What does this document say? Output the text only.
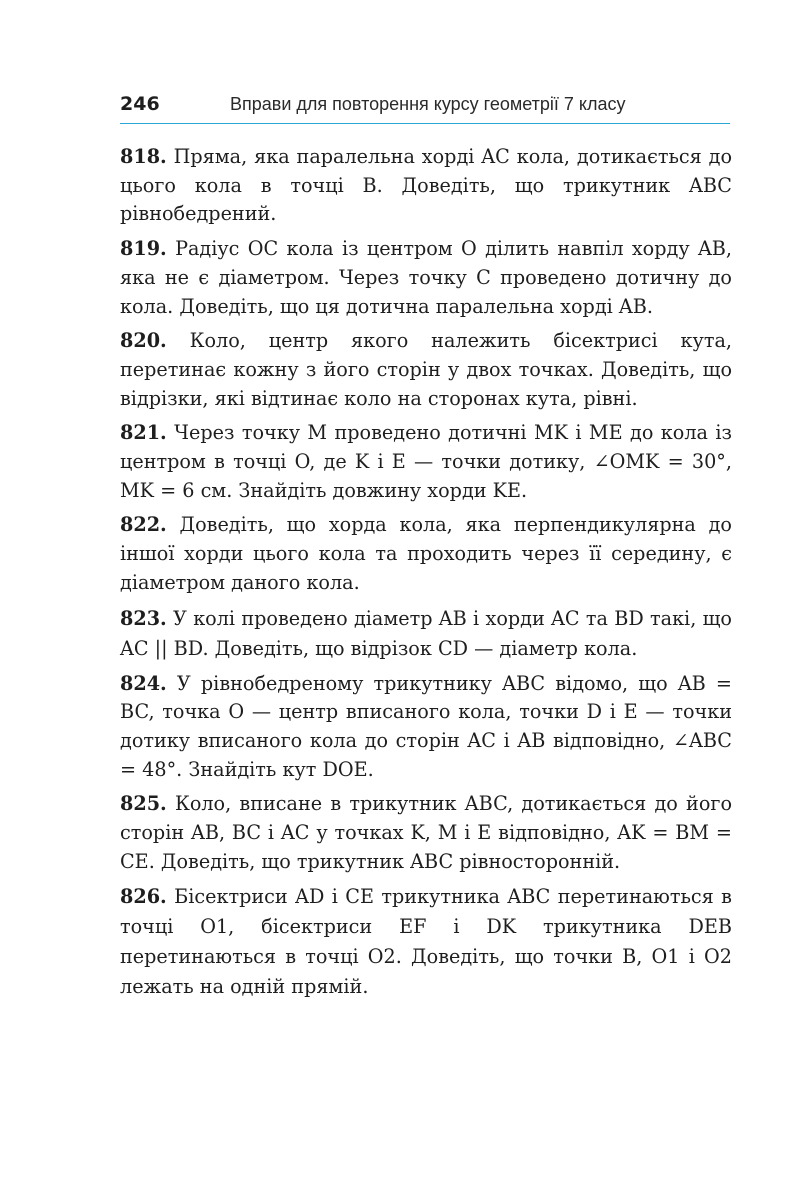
246	Вправи для повторення курсу геометрії 7 класу

818. Пряма, яка паралельна хорді AC кола, дотикається до цього кола в точці B. Доведіть, що трикутник ABC рівнобедрений.

819. Радіус OC кола із центром O ділить навпіл хорду AB, яка не є діаметром. Через точку C проведено дотичну до кола. Доведіть, що ця дотична паралельна хорді AB.

820. Коло, центр якого належить бісектрисі кута, перетинає кожну з його сторін у двох точках. Доведіть, що відрізки, які відтинає коло на сторонах кута, рівні.

821. Через точку M проведено дотичні MK і ME до кола із центром в точці O, де K і E — точки дотику, ∠OMK = 30°, MK = 6 см. Знайдіть довжину хорди KE.

822. Доведіть, що хорда кола, яка перпендикулярна до іншої хорди цього кола та проходить через її середину, є діаметром даного кола.

823. У колі проведено діаметр AB і хорди AC та BD такі, що AC || BD. Доведіть, що відрізок CD — діаметр кола.

824. У рівнобедреному трикутнику ABC відомо, що AB = BC, точка O — центр вписаного кола, точки D і E — точки дотику вписаного кола до сторін AC і AB відповідно, ∠ABC = 48°. Знайдіть кут DOE.

825. Коло, вписане в трикутник ABC, дотикається до його сторін AB, BC і AC у точках K, M і E відповідно, AK = BM = CE. Доведіть, що трикутник ABC рівносторонній.

826. Бісектриси AD і CE трикутника ABC перетинаються в точці O1, бісектриси EF і DK трикутника DEB перетинаються в точці O2. Доведіть, що точки B, O1 і O2 лежать на одній прямій.
